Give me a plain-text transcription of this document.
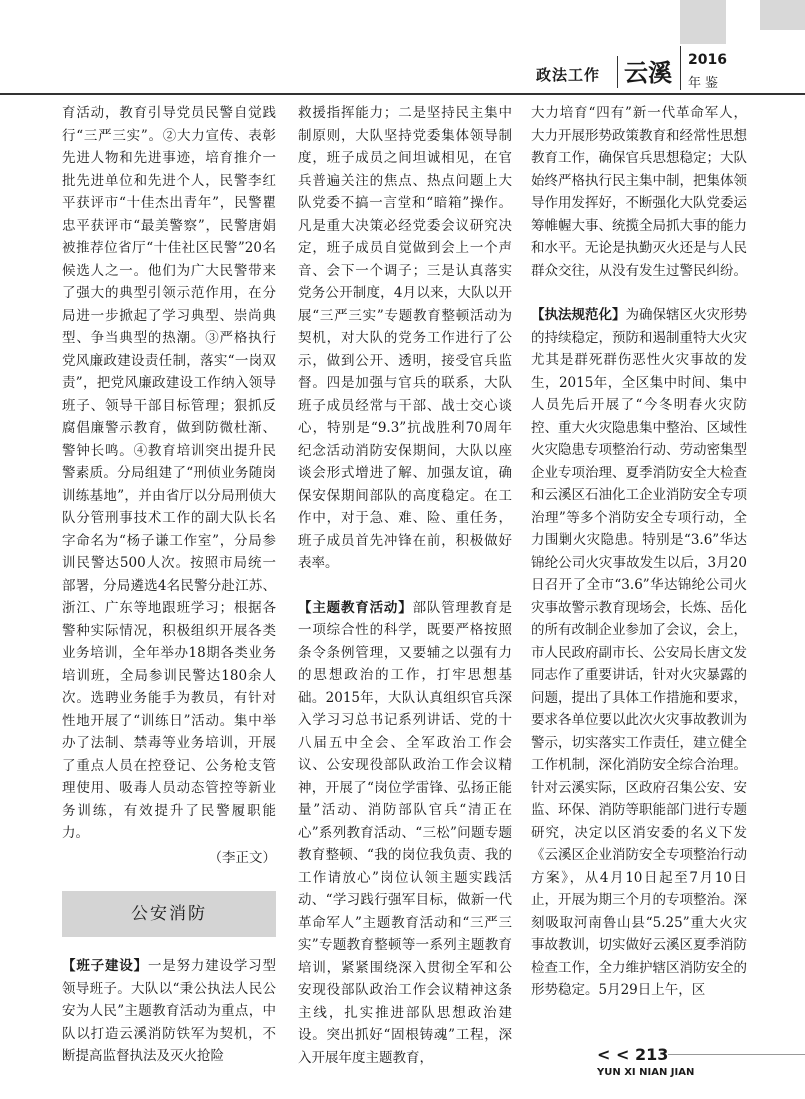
政法工作 云溪 2016
年鉴

育活动，教育引导党员民警自觉践行“三严三实”。②大力宣传、表彰先进人物和先进事迹，培育推介一批先进单位和先进个人，民警李红平获评市“十佳杰出青年”，民警瞿忠平获评市“最美警察”，民警唐娟被推荐位省厅“十佳社区民警”20名候选人之一。他们为广大民警带来了强大的典型引领示范作用，在分局进一步掀起了学习典型、崇尚典型、争当典型的热潮。③严格执行党风廉政建设责任制，落实“一岗双责”，把党风廉政建设工作纳入领导班子、领导干部目标管理；狠抓反腐倡廉警示教育，做到防微杜渐、警钟长鸣。④教育培训突出提升民警素质。分局组建了“刑侦业务随岗训练基地”，并由省厅以分局刑侦大队分管刑事技术工作的副大队长名字命名为“杨子谦工作室”，分局参训民警达500人次。按照市局统一部署，分局遴选4名民警分赴江苏、浙江、广东等地跟班学习；根据各警种实际情况，积极组织开展各类业务培训，全年举办18期各类业务培训班，全局参训民警达180余人次。选聘业务能手为教员，有针对性地开展了“训练日”活动。集中举办了法制、禁毒等业务培训，开展了重点人员在控登记、公务枪支管理使用、吸毒人员动态管控等新业务训练，有效提升了民警履职能力。

（李正文）
公安消防

【班子建设】一是努力建设学习型领导班子。大队以“秉公执法人民公安为人民”主题教育活动为重点，中队以打造云溪消防铁军为契机，不断提高监督执法及灭火抢险

救援指挥能力；二是坚持民主集中制原则，大队坚持党委集体领导制度，班子成员之间坦诚相见，在官兵普遍关注的焦点、热点问题上大队党委不搞一言堂和“暗箱”操作。凡是重大决策必经党委会议研究决定，班子成员自觉做到会上一个声音、会下一个调子；三是认真落实党务公开制度，4月以来，大队以开展“三严三实”专题教育整顿活动为契机，对大队的党务工作进行了公示，做到公开、透明，接受官兵监督。四是加强与官兵的联系，大队班子成员经常与干部、战士交心谈心，特别是“9.3”抗战胜利70周年纪念活动消防安保期间，大队以座谈会形式增进了解、加强友谊，确保安保期间部队的高度稳定。在工作中，对于急、难、险、重任务，班子成员首先冲锋在前，积极做好表率。

【主题教育活动】部队管理教育是一项综合性的科学，既要严格按照条令条例管理，又要辅之以强有力的思想政治的工作，打牢思想基础。2015年，大队认真组织官兵深入学习习总书记系列讲话、党的十八届五中全会、全军政治工作会议、公安现役部队政治工作会议精神，开展了“岗位学雷锋、弘扬正能量”活动、消防部队官兵“清正在心”系列教育活动、“三松”问题专题教育整顿、“我的岗位我负责、我的工作请放心”岗位认领主题实践活动、“学习践行强军目标，做新一代革命军人”主题教育活动和“三严三实”专题教育整顿等一系列主题教育培训，紧紧围绕深入贯彻全军和公安现役部队政治工作会议精神这条主线，扎实推进部队思想政治建设。突出抓好“固根铸魂”工程，深入开展年度主题教育，

大力培育“四有”新一代革命军人，大力开展形势政策教育和经常性思想教育工作，确保官兵思想稳定；大队始终严格执行民主集中制，把集体领导作用发挥好，不断强化大队党委运筹帷幄大事、统揽全局抓大事的能力和水平。无论是执勤灭火还是与人民群众交往，从没有发生过警民纠纷。

【执法规范化】为确保辖区火灾形势的持续稳定，预防和遏制重特大火灾尤其是群死群伤恶性火灾事故的发生，2015年，全区集中时间、集中人员先后开展了“今冬明春火灾防控、重大火灾隐患集中整治、区域性火灾隐患专项整治行动、劳动密集型企业专项治理、夏季消防安全大检查和云溪区石油化工企业消防安全专项治理”等多个消防安全专项行动，全力围剿火灾隐患。特别是“3.6”华达锦纶公司火灾事故发生以后，3月20日召开了全市“3.6”华达锦纶公司火灾事故警示教育现场会，长炼、岳化的所有改制企业参加了会议，会上，市人民政府副市长、公安局长唐文发同志作了重要讲话，针对火灾暴露的问题，提出了具体工作措施和要求，要求各单位要以此次火灾事故教训为警示，切实落实工作责任，建立健全工作机制，深化消防安全综合治理。针对云溪实际，区政府召集公安、安监、环保、消防等职能部门进行专题研究，决定以区消安委的名义下发《云溪区企业消防安全专项整治行动方案》，从4月10日起至7月10日止，开展为期三个月的专项整治。深刻吸取河南鲁山县“5.25”重大火灾事故教训，切实做好云溪区夏季消防检查工作，全力维护辖区消防安全的形势稳定。5月29日上午，区

< < 213
YUN XI NIAN JIAN
